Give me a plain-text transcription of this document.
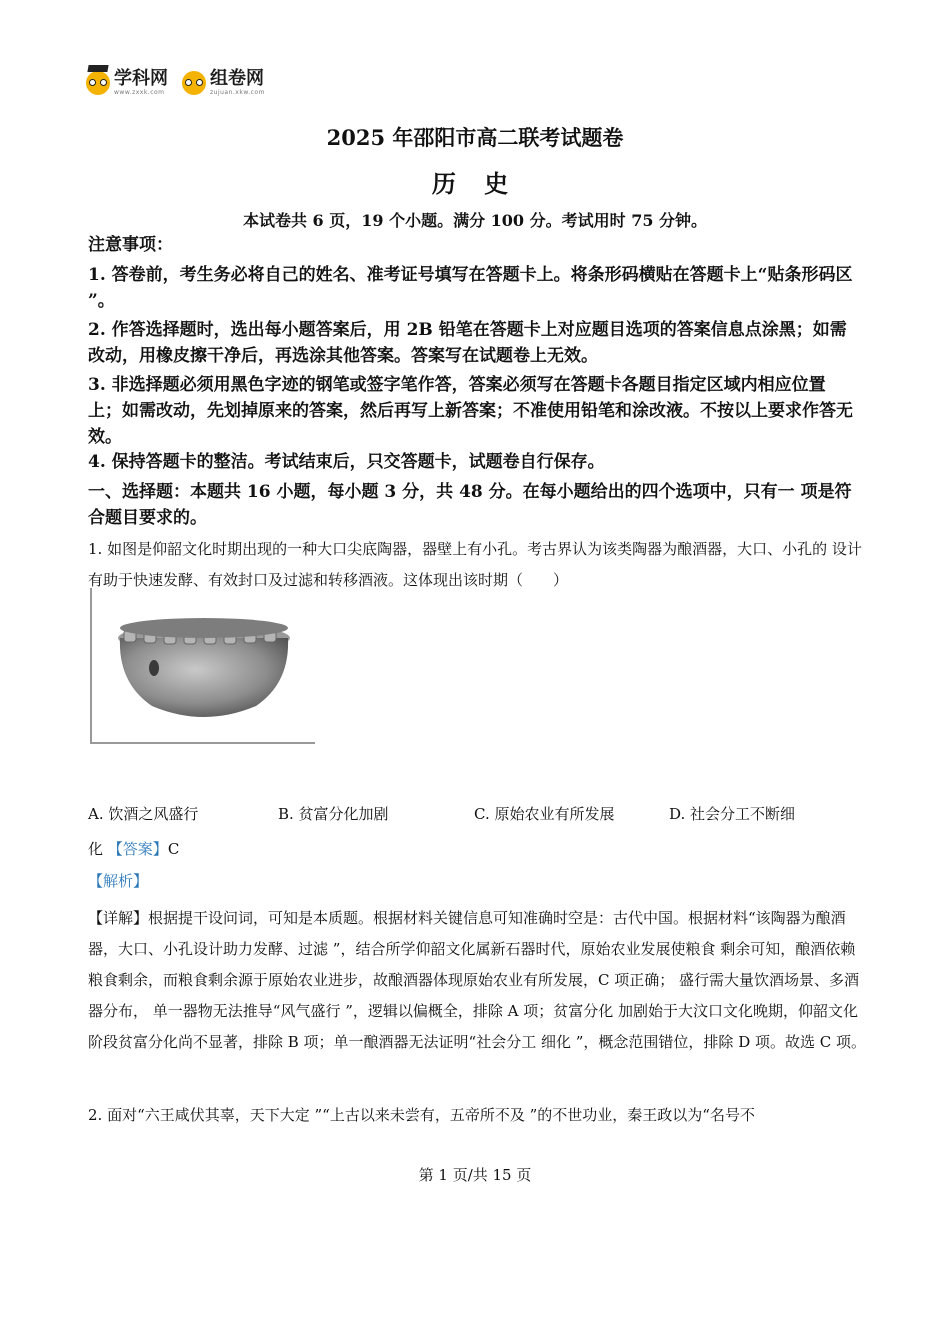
学科网
www.zxxk.com
组卷网
zujuan.xkw.com
2025 年邵阳市高二联考试题卷
历 史
本试卷共 6 页，19 个小题。满分 100 分。考试用时 75 分钟。
注意事项：
1. 答卷前，考生务必将自己的姓名、准考证号填写在答题卡上。将条形码横贴在答题卡上“贴条形码区 ”。
2. 作答选择题时，选出每小题答案后，用 2B 铅笔在答题卡上对应题目选项的答案信息点涂黑；如需改动，用橡皮擦干净后，再选涂其他答案。答案写在试题卷上无效。
3. 非选择题必须用黑色字迹的钢笔或签字笔作答，答案必须写在答题卡各题目指定区域内相应位置上；如需改动，先划掉原来的答案，然后再写上新答案；不准使用铅笔和涂改液。不按以上要求作答无效。
4. 保持答题卡的整洁。考试结束后，只交答题卡，试题卷自行保存。
一、选择题：本题共 16 小题，每小题 3 分，共 48 分。在每小题给出的四个选项中，只有一 项是符合题目要求的。
1. 如图是仰韶文化时期出现的一种大口尖底陶器，器壁上有小孔。考古界认为该类陶器为酿酒器，大口、小孔的 设计有助于快速发酵、有效封口及过滤和转移酒液。这体现出该时期（　　）
A. 饮酒之风盛行	B. 贫富分化加剧	C. 原始农业有所发展	D. 社会分工不断细
化 【答案】C
【解析】
【详解】根据提干设问词，可知是本质题。根据材料关键信息可知准确时空是：古代中国。根据材料“该陶器为酿酒器，大口、小孔设计助力发酵、过滤 ”，结合所学仰韶文化属新石器时代，原始农业发展使粮食 剩余可知，酿酒依赖粮食剩余，而粮食剩余源于原始农业进步，故酿酒器体现原始农业有所发展，C 项正确； 盛行需大量饮酒场景、多酒器分布， 单一器物无法推导“风气盛行 ”，逻辑以偏概全，排除 A 项；贫富分化 加剧始于大汶口文化晚期，仰韶文化阶段贫富分化尚不显著，排除 B 项；单一酿酒器无法证明“社会分工 细化 ”，概念范围错位，排除 D 项。故选 C 项。
2. 面对“六王咸伏其辜，天下大定 ”“上古以来未尝有，五帝所不及 ”的不世功业，秦王政以为“名号不
第 1 页/共 15 页
